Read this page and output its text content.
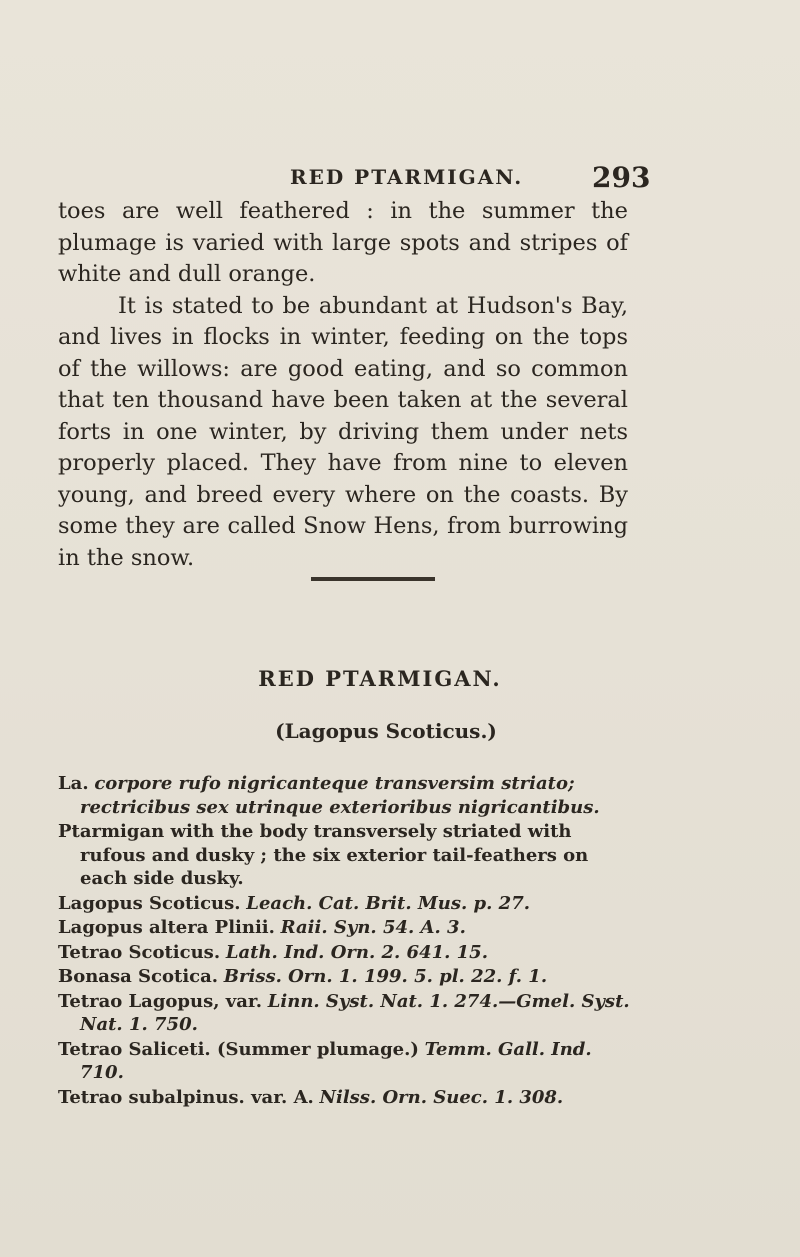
RED PTARMIGAN. 293

toes are well feathered : in the summer the plumage is varied with large spots and stripes of white and dull orange.

It is stated to be abundant at Hudson's Bay, and lives in flocks in winter, feeding on the tops of the willows: are good eating, and so common that ten thousand have been taken at the several forts in one winter, by driving them under nets properly placed. They have from nine to eleven young, and breed every where on the coasts. By some they are called Snow Hens, from burrowing in the snow.

RED PTARMIGAN.
(Lagopus Scoticus.)

La. corpore rufo nigricanteque transversim striato; rectricibus sex utrinque exterioribus nigricantibus.

Ptarmigan with the body transversely striated with rufous and dusky ; the six exterior tail-feathers on each side dusky.

Lagopus Scoticus. Leach. Cat. Brit. Mus. p. 27.

Lagopus altera Plinii. Raii. Syn. 54. A. 3.

Tetrao Scoticus. Lath. Ind. Orn. 2. 641. 15.

Bonasa Scotica. Briss. Orn. 1. 199. 5. pl. 22. f. 1.

Tetrao Lagopus, var. Linn. Syst. Nat. 1. 274.—Gmel. Syst. Nat. 1. 750.

Tetrao Saliceti. (Summer plumage.) Temm. Gall. Ind. 710.

Tetrao subalpinus. var. A. Nilss. Orn. Suec. 1. 308.
